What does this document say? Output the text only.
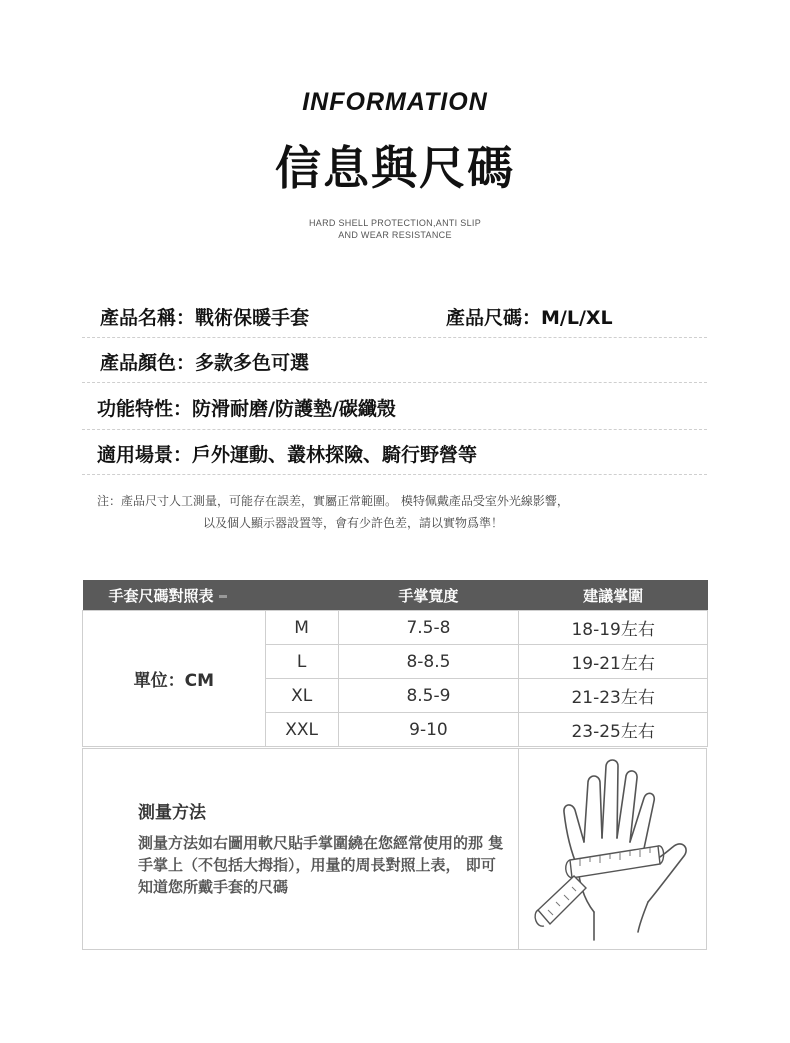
INFORMATION
信息與尺碼
HARD SHELL PROTECTION,ANTI SLIP
AND WEAR RESISTANCE
產品名稱：戰術保暖手套	產品尺碼：M/L/XL
產品顏色：多款多色可選
功能特性：防滑耐磨/防護墊/碳纖殼
適用場景：戶外運動、叢林探險、騎行野營等
注：產品尺寸人工測量，可能存在誤差，實屬正常範圍。 模特佩戴產品受室外光線影響，
以及個人顯示器設置等，會有少許色差，請以實物爲準！
手套尺碼對照表		手掌寬度	建議掌圍
單位：CM	M	7.5-8	18-19左右
	L	8-8.5	19-21左右
	XL	8.5-9	21-23左右
	XXL	9-10	23-25左右
測量方法
測量方法如右圖用軟尺貼手掌圍繞在您經常使用的那 隻手掌上（不包括大拇指），用量的周長對照上表， 即可知道您所戴手套的尺碼
